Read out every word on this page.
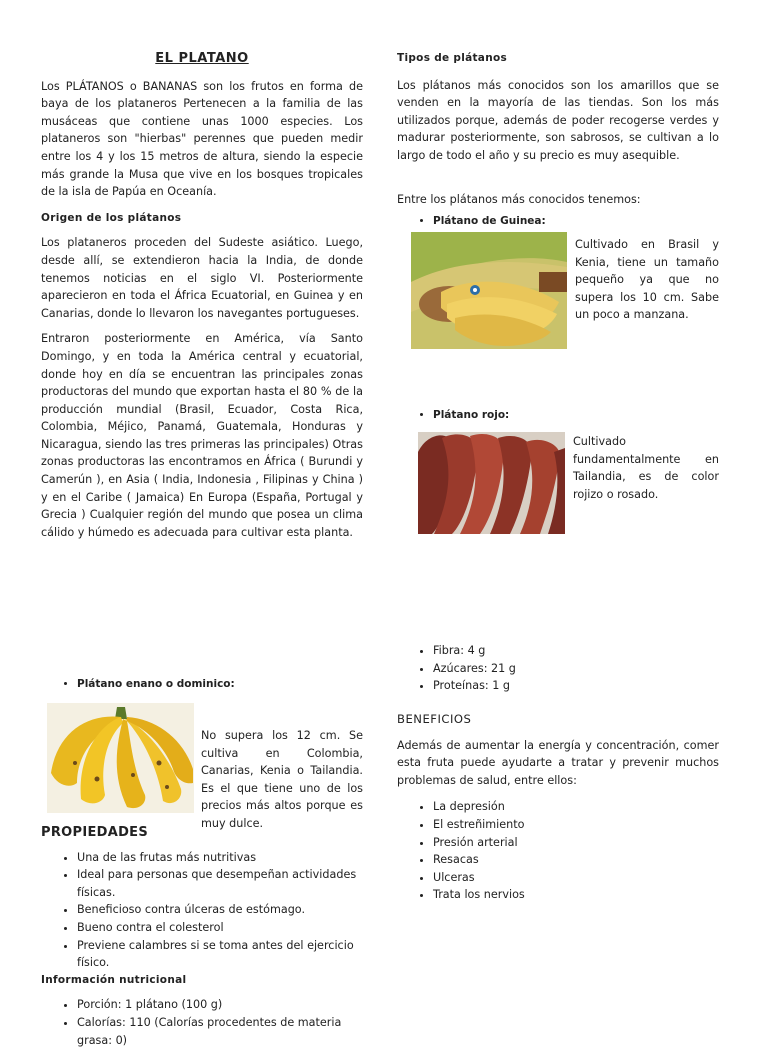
EL PLATANO

Los PLÁTANOS o BANANAS son los frutos en forma de baya de los plataneros Pertenecen a la familia de las musáceas que contiene unas 1000 especies. Los plataneros son "hierbas" perennes que pueden medir entre los 4 y los 15 metros de altura, siendo la especie más grande la Musa que vive en los bosques tropicales de la isla de Papúa en Oceanía.

Origen de los plátanos

Los plataneros proceden del Sudeste asiático. Luego, desde allí, se extendieron hacia la India, de donde tenemos noticias en el siglo VI. Posteriormente aparecieron en toda el África Ecuatorial, en Guinea y en Canarias, donde lo llevaron los navegantes portugueses.

Entraron posteriormente en América, vía Santo Domingo, y en toda la América central y ecuatorial, donde hoy en día se encuentran las principales zonas productoras del mundo que exportan hasta el 80 % de la producción mundial (Brasil, Ecuador, Costa Rica, Colombia, Méjico, Panamá, Guatemala, Honduras y Nicaragua, siendo las tres primeras las principales) Otras zonas productoras las encontramos en África ( Burundi y Camerún ), en Asia ( India, Indonesia , Filipinas y China ) y en el Caribe ( Jamaica) En Europa (España, Portugal y Grecia ) Cualquier región del mundo que posea un clima cálido y húmedo es adecuada para cultivar esta planta.

• Plátano enano o dominico:

No supera los 12 cm. Se cultiva en Colombia, Canarias, Kenia o Tailandia. Es el que tiene uno de los precios más altos porque es muy dulce.

PROPIEDADES
• Una de las frutas más nutritivas
• Ideal para personas que desempeñan actividades físicas.
• Beneficioso contra úlceras de estómago.
• Bueno contra el colesterol
• Previene calambres si se toma antes del ejercicio físico.
Información nutricional
• Porción: 1 plátano (100 g)
• Calorías: 110 (Calorías procedentes de materia grasa: 0)
Tipos de plátanos

Los plátanos más conocidos son los amarillos que se venden en la mayoría de las tiendas. Son los más utilizados porque, además de poder recogerse verdes y madurar posteriormente, son sabrosos, se cultivan a lo largo de todo el año y su precio es muy asequible.

Entre los plátanos más conocidos tenemos:

• Plátano de Guinea:

Cultivado en Brasil y Kenia, tiene un tamaño pequeño ya que no supera los 10 cm. Sabe un poco a manzana.

• Plátano rojo:

Cultivado fundamentalmente en Tailandia, es de color rojizo o rosado.

• Fibra: 4 g
• Azúcares: 21 g
• Proteínas: 1 g
BENEFICIOS

Además de aumentar la energía y concentración, comer esta fruta puede ayudarte a tratar y prevenir muchos problemas de salud, entre ellos:

• La depresión
• El estreñimiento
• Presión arterial
• Resacas
• Ulceras
• Trata los nervios
